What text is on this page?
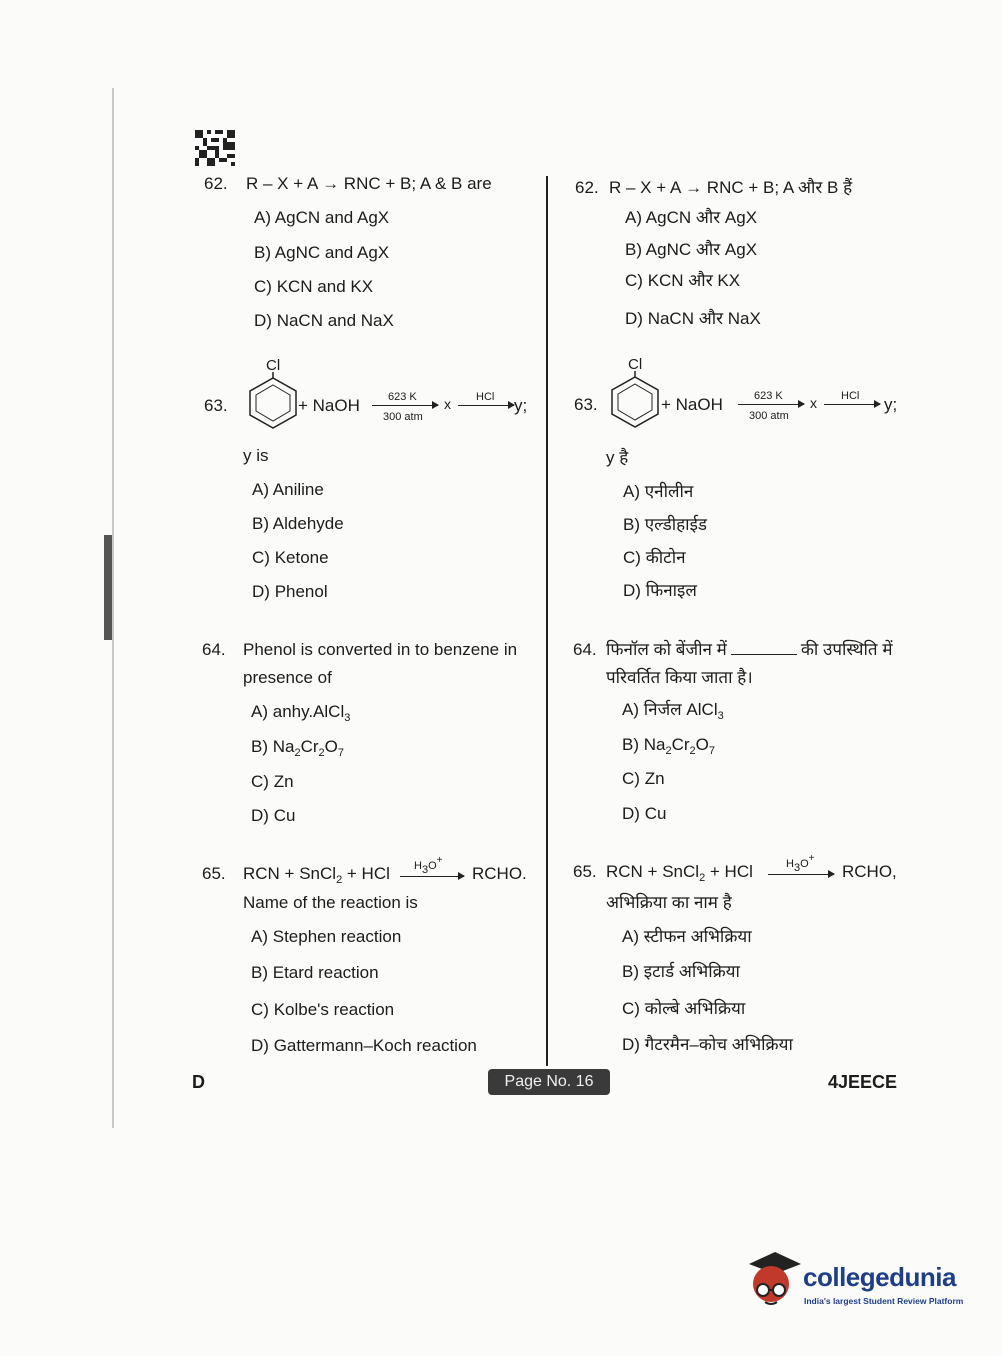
62. R – X + A → RNC + B; A & B are
A) AgCN and AgX
B) AgNC and AgX
C) KCN and KX
D) NaCN and NaX
63.
Cl
+ NaOH	623 K
300 atm
x HCl y;
y is
A) Aniline
B) Aldehyde
C) Ketone
D) Phenol
64. Phenol is converted in to benzene in
presence of
A) anhy.AlCl$_3$
B) $Na_2Cr_2O_7$
C) Zn
D) Cu
65. RCN + SnCl$_2$ + HCl $H_3O^+$
RCHO.
Name of the reaction is
A) Stephen reaction
B) Etard reaction
C) Kolbe's reaction
D) Gattermann–Koch reaction
62. R – X + A → RNC + B; A और B हैं
A) AgCN और AgX
B) AgNC और AgX
C) KCN और KX
D) NaCN और NaX
63.
Cl
+ NaOH	623 K
300 atm
x HCl y;
y है
A) एनीलीन
B) एल्डीहाईड
C) कीटोन
D) फिनाइल
64. फिनॉल को बेंजीन में	की उपस्थिति में
परिवर्तित किया जाता है।
A) निर्जल AlCl$_3$
B) $Na_2Cr_2O_7$
C) Zn
D) Cu
65. RCN + SnCl$_2$ + HCl	$H_3O^+$
RCHO,
अभिक्रिया का नाम है
A) स्टीफन अभिक्रिया
B) इटार्ड अभिक्रिया
C) कोल्बे अभिक्रिया
D) गैटरमैन–कोच अभिक्रिया
D	Page No. 16	4JEECE
collegedunia
India's largest Student Review Platform
